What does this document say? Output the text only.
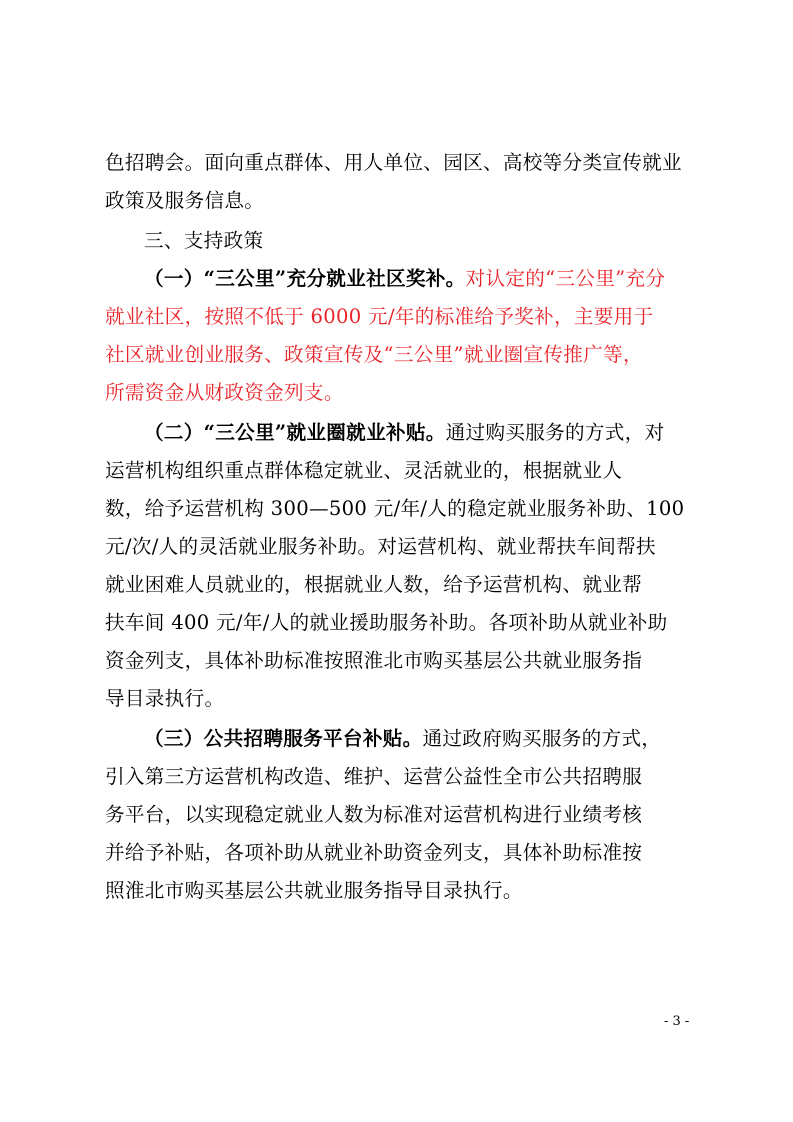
色招聘会。面向重点群体、用人单位、园区、高校等分类宣传就业
政策及服务信息。
三、支持政策
（一）“三公里”充分就业社区奖补。对认定的“三公里”充分
就业社区，按照不低于 6000 元/年的标准给予奖补，主要用于
社区就业创业服务、政策宣传及“三公里”就业圈宣传推广等，
所需资金从财政资金列支。
（二）“三公里”就业圈就业补贴。通过购买服务的方式，对
运营机构组织重点群体稳定就业、灵活就业的，根据就业人
数，给予运营机构 300—500 元/年/人的稳定就业服务补助、100
元/次/人的灵活就业服务补助。对运营机构、就业帮扶车间帮扶
就业困难人员就业的，根据就业人数，给予运营机构、就业帮
扶车间 400 元/年/人的就业援助服务补助。各项补助从就业补助
资金列支，具体补助标准按照淮北市购买基层公共就业服务指
导目录执行。
（三）公共招聘服务平台补贴。通过政府购买服务的方式，
引入第三方运营机构改造、维护、运营公益性全市公共招聘服
务平台，以实现稳定就业人数为标准对运营机构进行业绩考核
并给予补贴，各项补助从就业补助资金列支，具体补助标准按
照淮北市购买基层公共就业服务指导目录执行。
- 3 -
